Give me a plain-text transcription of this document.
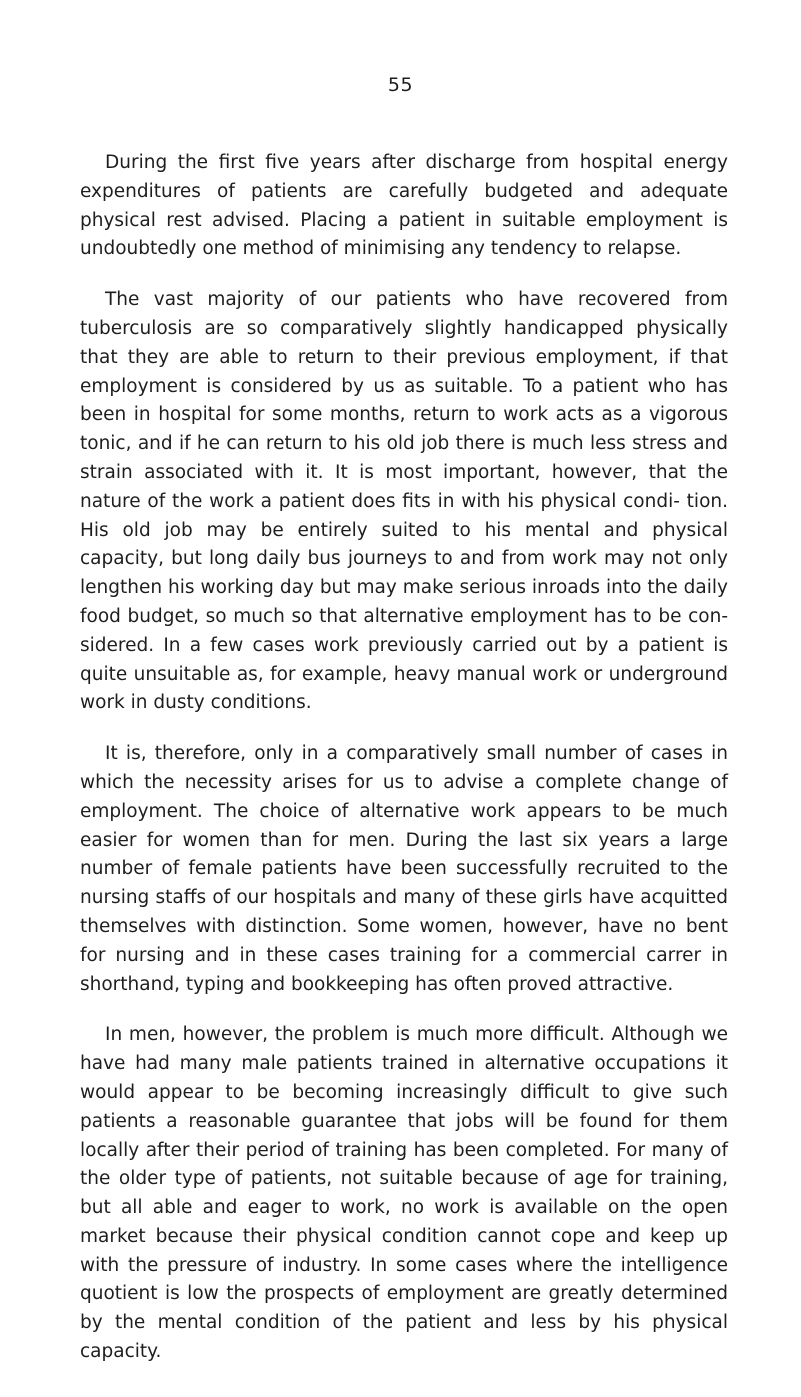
55

During the first five years after discharge from hospital energy expenditures of patients are carefully budgeted and adequate physical rest advised. Placing a patient in suitable employment is undoubtedly one method of minimising any tendency to relapse.

The vast majority of our patients who have recovered from tuberculosis are so comparatively slightly handicapped physically that they are able to return to their previous employment, if that employment is considered by us as suitable. To a patient who has been in hospital for some months, return to work acts as a vigorous tonic, and if he can return to his old job there is much less stress and strain associated with it. It is most important, however, that the nature of the work a patient does fits in with his physical condi- tion. His old job may be entirely suited to his mental and physical capacity, but long daily bus journeys to and from work may not only lengthen his working day but may make serious inroads into the daily food budget, so much so that alternative employment has to be con- sidered. In a few cases work previously carried out by a patient is quite unsuitable as, for example, heavy manual work or underground work in dusty conditions.

It is, therefore, only in a comparatively small number of cases in which the necessity arises for us to advise a complete change of employment. The choice of alternative work appears to be much easier for women than for men. During the last six years a large number of female patients have been successfully recruited to the nursing staffs of our hospitals and many of these girls have acquitted themselves with distinction. Some women, however, have no bent for nursing and in these cases training for a commercial carrer in shorthand, typing and bookkeeping has often proved attractive.

In men, however, the problem is much more difficult. Although we have had many male patients trained in alternative occupations it would appear to be becoming increasingly difficult to give such patients a reasonable guarantee that jobs will be found for them locally after their period of training has been completed. For many of the older type of patients, not suitable because of age for training, but all able and eager to work, no work is available on the open market because their physical condition cannot cope and keep up with the pressure of industry. In some cases where the intelligence quotient is low the prospects of employment are greatly determined by the mental condition of the patient and less by his physical capacity.
